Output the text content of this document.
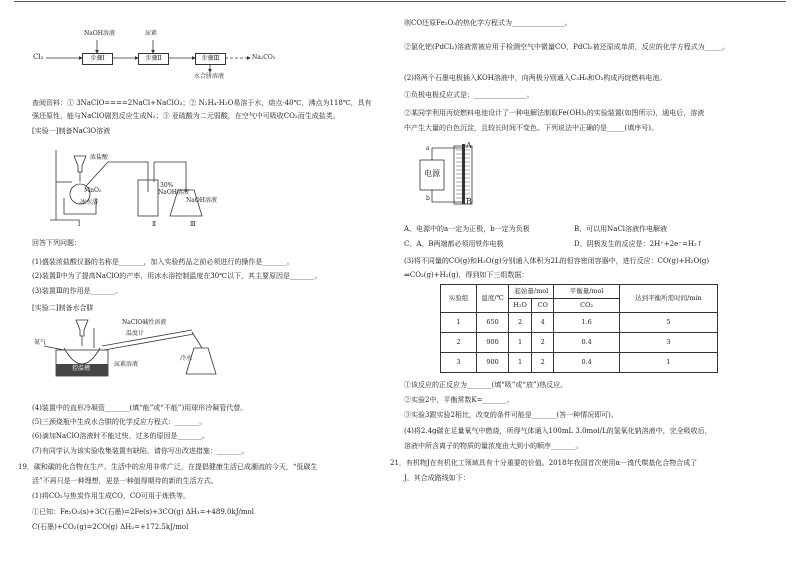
Cl₂
NaOH溶液	尿素
步骤Ⅰ	步骤Ⅱ	步骤Ⅲ	Na₂CO₃
水合肼溶液
查阅资料：① 3NaClO====2NaCl+NaClO₃；② N₂H₄·H₂O易溶于水，熔点-40℃，沸点为118℃，具有
强还原性，能与NaClO剧烈反应生成N₂；③ 亚硫酸为二元弱酸，在空气中可吸收CO₂而生成盐类。
[实验一]制备NaClO溶液
浓盐酸
MnO₂
冰水浴
30%
NaOH溶液
NaOH溶液
Ⅰ	Ⅱ	Ⅲ
回答下列问题：
(1)盛装浓盐酸仪器的名称是_______，加入实验药品之前必须进行的操作是_______。
(2)装置Ⅱ中为了提高NaClO的产率，用冰水浴控制温度在30℃以下，其主要原因是_______。
(3)装置Ⅲ的作用是_______。
[实验二]制备水合肼
NaClO碱性溶液
温度计
氮气
冷水
尿素溶液
控温槽
(4)装置中的直形冷凝管_______(填“能”或“不能”)用球形冷凝管代替。
(5)三颈烧瓶中生成水合肼的化学反应方程式：_______。
(6)滴加NaClO溶液时不能过快、过多的原因是_______。
(7)有同学认为该实验收集装置有缺陷，请你写出改进措施：_______。
19．碳和碳的化合物在生产、生活中的应用非常广泛，在提倡健康生活已成潮流的今天，“低碳生
活”不再只是一种理想，更是一种值得期待的新的生活方式。
(1)将CO₂与焦炭作用生成CO，CO可用于炼铁等。
①已知：Fe₂O₃(s)+3C(石墨)=2Fe(s)+3CO(g) ΔH₁=+489.0kJ/mol
C(石墨)+CO₂(g)=2CO(g) ΔH₂=+172.5kJ/mol
则CO还原Fe₂O₃的热化学方程式为_______________。
②氯化钯(PdCl₂)溶液常被应用于检测空气中微量CO，PdCl₂被还原成单质，反应的化学方程式为_____。
(2)将两个石墨电极插入KOH溶液中，向两极分别通入C₃H₈和O₂构成丙烷燃料电池。
①负极电极反应式是：_______________。
②某同学利用丙烷燃料电池设计了一种电解法制取Fe(OH)₂的实验装置(如图所示)，通电后，溶液
中产生大量的白色沉淀，且较长时间不变色。下列说法中正确的是_____(填序号)。
电源
a
b
A
B
A、电源中的a一定为正极，b一定为负极	B、可以用NaCl溶液作电解液
C、A、B两端都必须用铁作电极	D、阴极发生的反应是：2H⁺+2e⁻=H₂↑
(3)将不同量的CO(g)和H₂O(g)分别通入体积为2L的恒容密闭容器中，进行反应：CO(g)+H₂O(g)
⇌CO₂(g)+H₂(g)，得到如下三组数据：
实验组	温度/℃	起始量/mol		平衡量/mol	达到平衡所需时间/min
		H₂O	CO	CO₂	
1	650	2	4	1.6	5
2	900	1	2	0.4	3
3	900	1	2	0.4	1
①该反应的正反应为_______(填“吸”或“放”)热反应。
②实验2中，平衡常数K=_______。
③实验3跟实验2相比，改变的条件可能是_______(答一种情况即可)。
(4)将2.4g碳在足量氧气中燃烧，所得气体通入100mL 3.0mol/L的氢氧化钠溶液中，完全吸收后，
溶液中所含离子的物质的量浓度由大到小的顺序_______。
21．有机物J在有机化工领域具有十分重要的价值。2018年我国首次使用α－溴代羰基化合物合成了
J，其合成路线如下：
